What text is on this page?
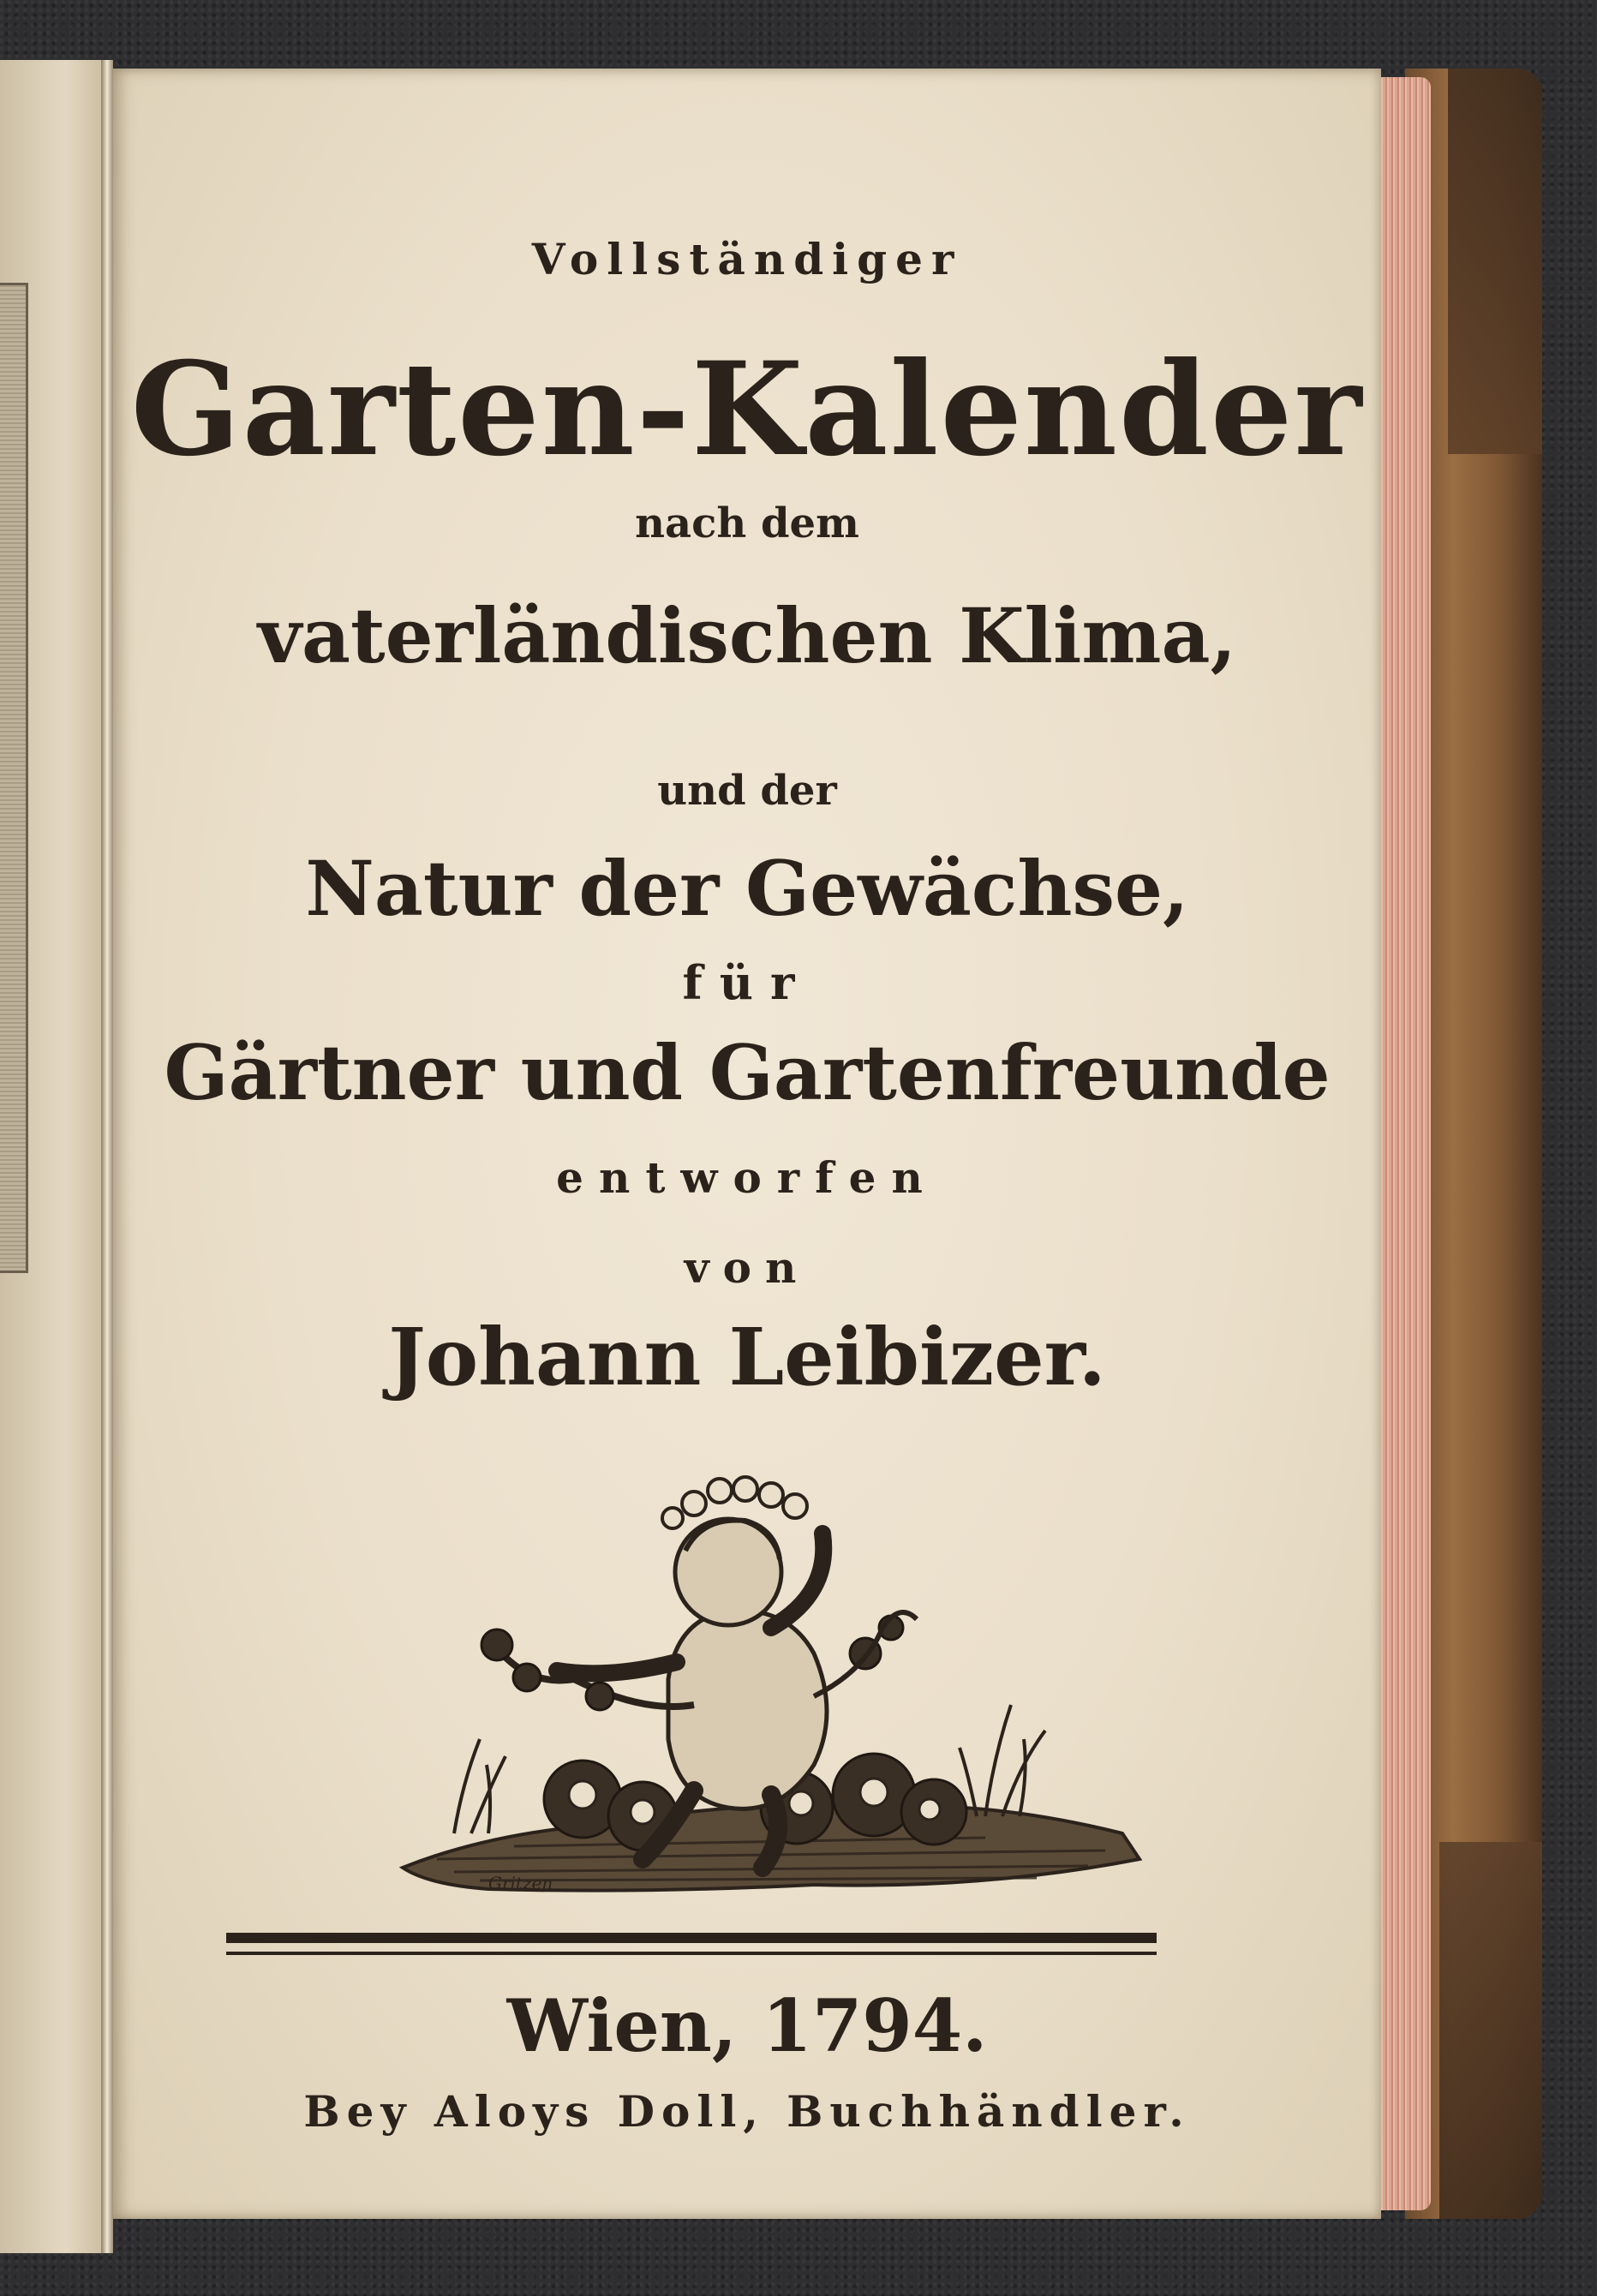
Vollständiger
Garten-Kalender
nach dem
vaterländischen Klima,
und der
Natur der Gewächse,
für
Gärtner und Gartenfreunde
entworfen
von
Johann Leibizer.
Gritzen
Wien, 1794.
Bey Aloys Doll, Buchhändler.
